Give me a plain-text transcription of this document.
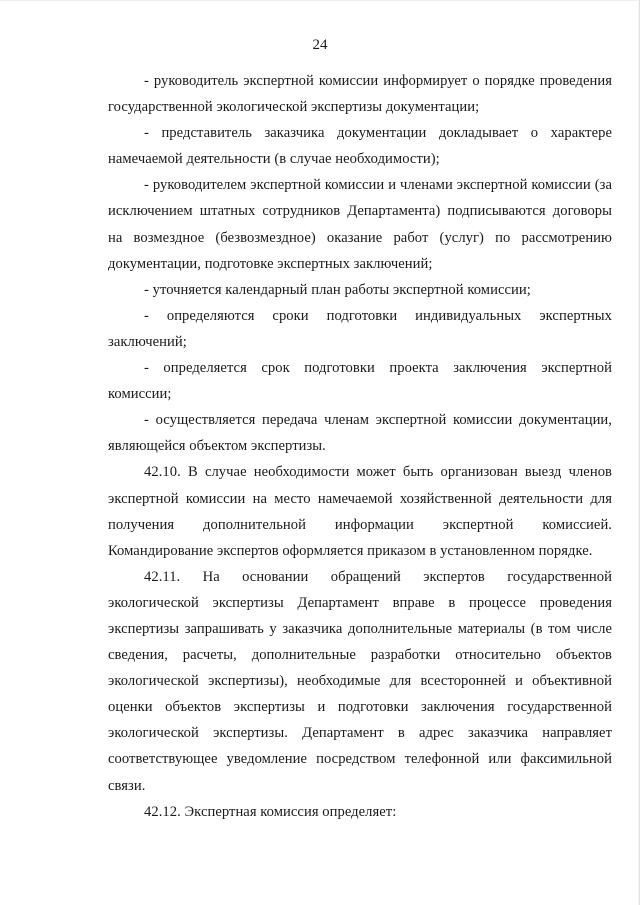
24

- руководитель экспертной комиссии информирует о порядке проведения государственной экологической экспертизы документации;

- представитель заказчика документации докладывает о характере намечаемой деятельности (в случае необходимости);

- руководителем экспертной комиссии и членами экспертной комиссии (за исключением штатных сотрудников Департамента) подписываются договоры на возмездное (безвозмездное) оказание работ (услуг) по рассмотрению документации, подготовке экспертных заключений;

- уточняется календарный план работы экспертной комиссии;

- определяются сроки подготовки индивидуальных экспертных заключений;

- определяется срок подготовки проекта заключения экспертной комиссии;

- осуществляется передача членам экспертной комиссии документации, являющейся объектом экспертизы.

42.10. В случае необходимости может быть организован выезд членов экспертной комиссии на место намечаемой хозяйственной деятельности для получения дополнительной информации экспертной комиссией. Командирование экспертов оформляется приказом в установленном порядке.

42.11. На основании обращений экспертов государственной экологической экспертизы Департамент вправе в процессе проведения экспертизы запрашивать у заказчика дополнительные материалы (в том числе сведения, расчеты, дополнительные разработки относительно объектов экологической экспертизы), необходимые для всесторонней и объективной оценки объектов экспертизы и подготовки заключения государственной экологической экспертизы. Департамент в адрес заказчика направляет соответствующее уведомление посредством телефонной или факсимильной связи.

42.12. Экспертная комиссия определяет:
